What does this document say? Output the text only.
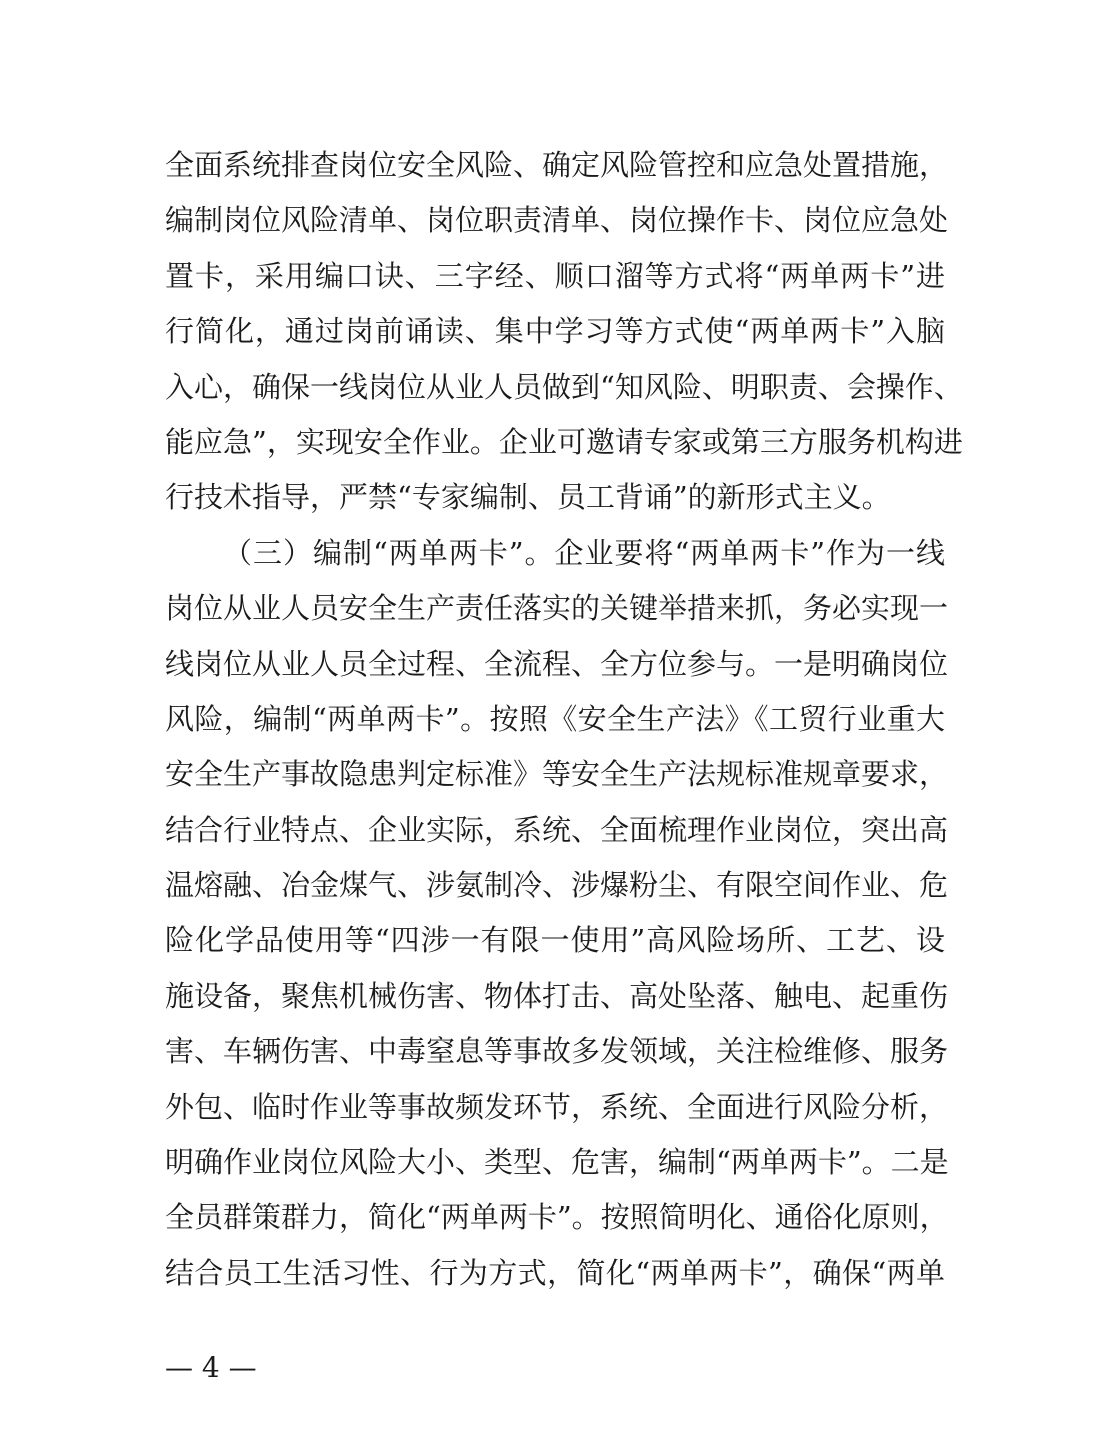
全面系统排查岗位安全风险、确定风险管控和应急处置措施，
编制岗位风险清单、岗位职责清单、岗位操作卡、岗位应急处
置卡，采用编口诀、三字经、顺口溜等方式将“两单两卡”进
行简化，通过岗前诵读、集中学习等方式使“两单两卡”入脑
入心，确保一线岗位从业人员做到“知风险、明职责、会操作、
能应急”，实现安全作业。企业可邀请专家或第三方服务机构进
行技术指导，严禁“专家编制、员工背诵”的新形式主义。
（三）编制“两单两卡”。企业要将“两单两卡”作为一线
岗位从业人员安全生产责任落实的关键举措来抓，务必实现一
线岗位从业人员全过程、全流程、全方位参与。一是明确岗位
风险，编制“两单两卡”。按照《安全生产法》《工贸行业重大
安全生产事故隐患判定标准》等安全生产法规标准规章要求，
结合行业特点、企业实际，系统、全面梳理作业岗位，突出高
温熔融、冶金煤气、涉氨制冷、涉爆粉尘、有限空间作业、危
险化学品使用等“四涉一有限一使用”高风险场所、工艺、设
施设备，聚焦机械伤害、物体打击、高处坠落、触电、起重伤
害、车辆伤害、中毒窒息等事故多发领域，关注检维修、服务
外包、临时作业等事故频发环节，系统、全面进行风险分析，
明确作业岗位风险大小、类型、危害，编制“两单两卡”。二是
全员群策群力，简化“两单两卡”。按照简明化、通俗化原则，
结合员工生活习性、行为方式，简化“两单两卡”，确保“两单
— 4 —
